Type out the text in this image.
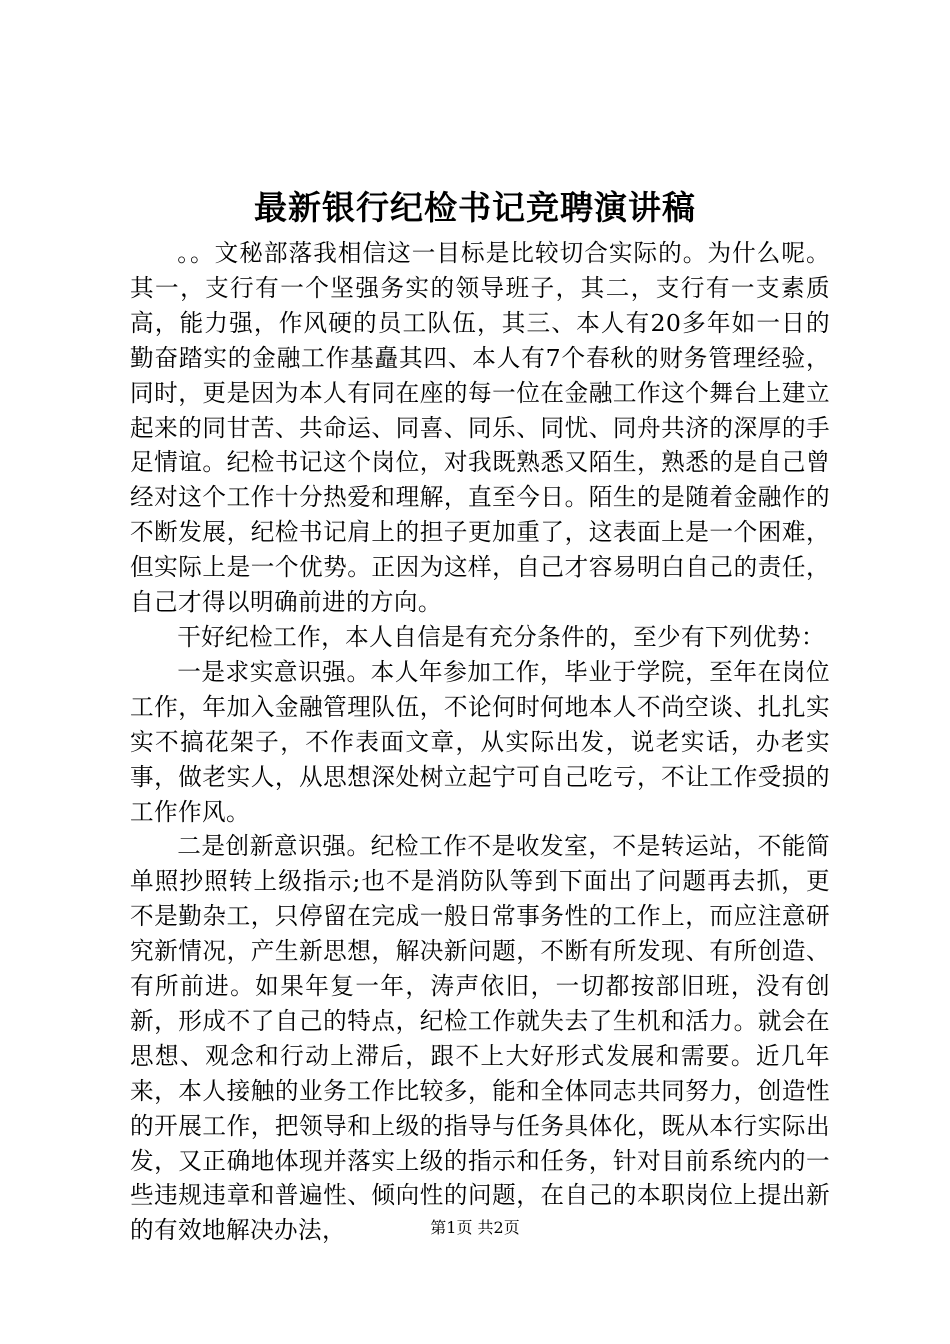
最新银行纪检书记竞聘演讲稿

。。文秘部落我相信这一目标是比较切合实际的。为什么呢。其一，支行有一个坚强务实的领导班子，其二，支行有一支素质高，能力强，作风硬的员工队伍，其三、本人有20多年如一日的勤奋踏实的金融工作基矗其四、本人有7个春秋的财务管理经验，同时，更是因为本人有同在座的每一位在金融工作这个舞台上建立起来的同甘苦、共命运、同喜、同乐、同忧、同舟共济的深厚的手足情谊。纪检书记这个岗位，对我既熟悉又陌生，熟悉的是自己曾经对这个工作十分热爱和理解，直至今日。陌生的是随着金融作的不断发展，纪检书记肩上的担子更加重了，这表面上是一个困难，但实际上是一个优势。正因为这样，自己才容易明白自己的责任，自己才得以明确前进的方向。

干好纪检工作，本人自信是有充分条件的，至少有下列优势：

一是求实意识强。本人年参加工作，毕业于学院，至年在岗位工作，年加入金融管理队伍，不论何时何地本人不尚空谈、扎扎实实不搞花架子，不作表面文章，从实际出发，说老实话，办老实事，做老实人，从思想深处树立起宁可自己吃亏，不让工作受损的工作作风。

二是创新意识强。纪检工作不是收发室，不是转运站，不能简单照抄照转上级指示;也不是消防队等到下面出了问题再去抓，更不是勤杂工，只停留在完成一般日常事务性的工作上，而应注意研究新情况，产生新思想，解决新问题，不断有所发现、有所创造、有所前进。如果年复一年，涛声依旧，一切都按部旧班，没有创新，形成不了自己的特点，纪检工作就失去了生机和活力。就会在思想、观念和行动上滞后，跟不上大好形式发展和需要。近几年来，本人接触的业务工作比较多，能和全体同志共同努力，创造性的开展工作，把领导和上级的指导与任务具体化，既从本行实际出发，又正确地体现并落实上级的指示和任务，针对目前系统内的一些违规违章和普遍性、倾向性的问题，在自己的本职岗位上提出新的有效地解决办法，	第1页 共2页
